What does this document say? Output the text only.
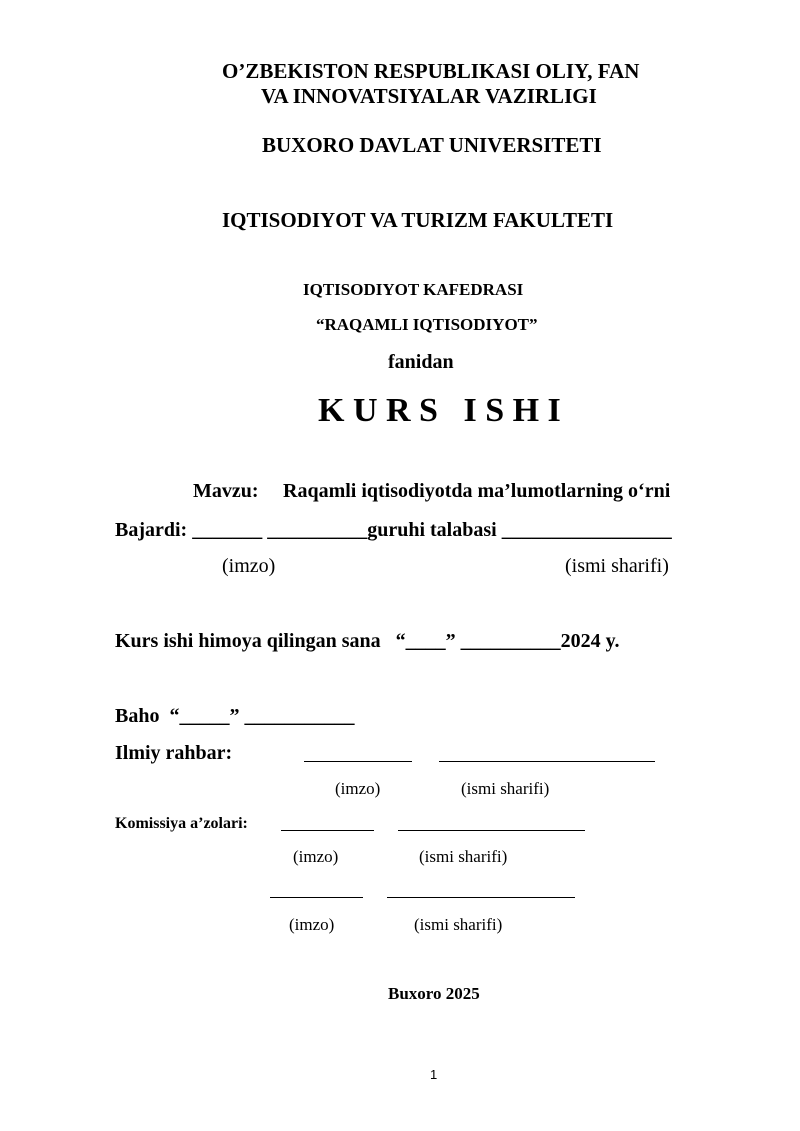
O’ZBEKISTON RESPUBLIKASI OLIY, FAN
VA INNOVATSIYALAR VAZIRLIGI
BUXORO DAVLAT UNIVERSITETI
IQTISODIYOT VA TURIZM FAKULTETI
IQTISODIYOT KAFEDRASI
“RAQAMLI IQTISODIYOT”
fanidan
K U R S   I S H I
Mavzu: Raqamli iqtisodiyotda ma’lumotlarning o‘rni
Bajardi: _______ __________guruhi talabasi _________________
(imzo)	(ismi sharifi)
Kurs ishi himoya qilingan sana   “____” __________2024 y.
Baho  “_____” ___________
Ilmiy rahbar:
(imzo)	(ismi sharifi)
Komissiya a’zolari:
(imzo)	(ismi sharifi)
(imzo)	(ismi sharifi)
Buxoro 2025
1
